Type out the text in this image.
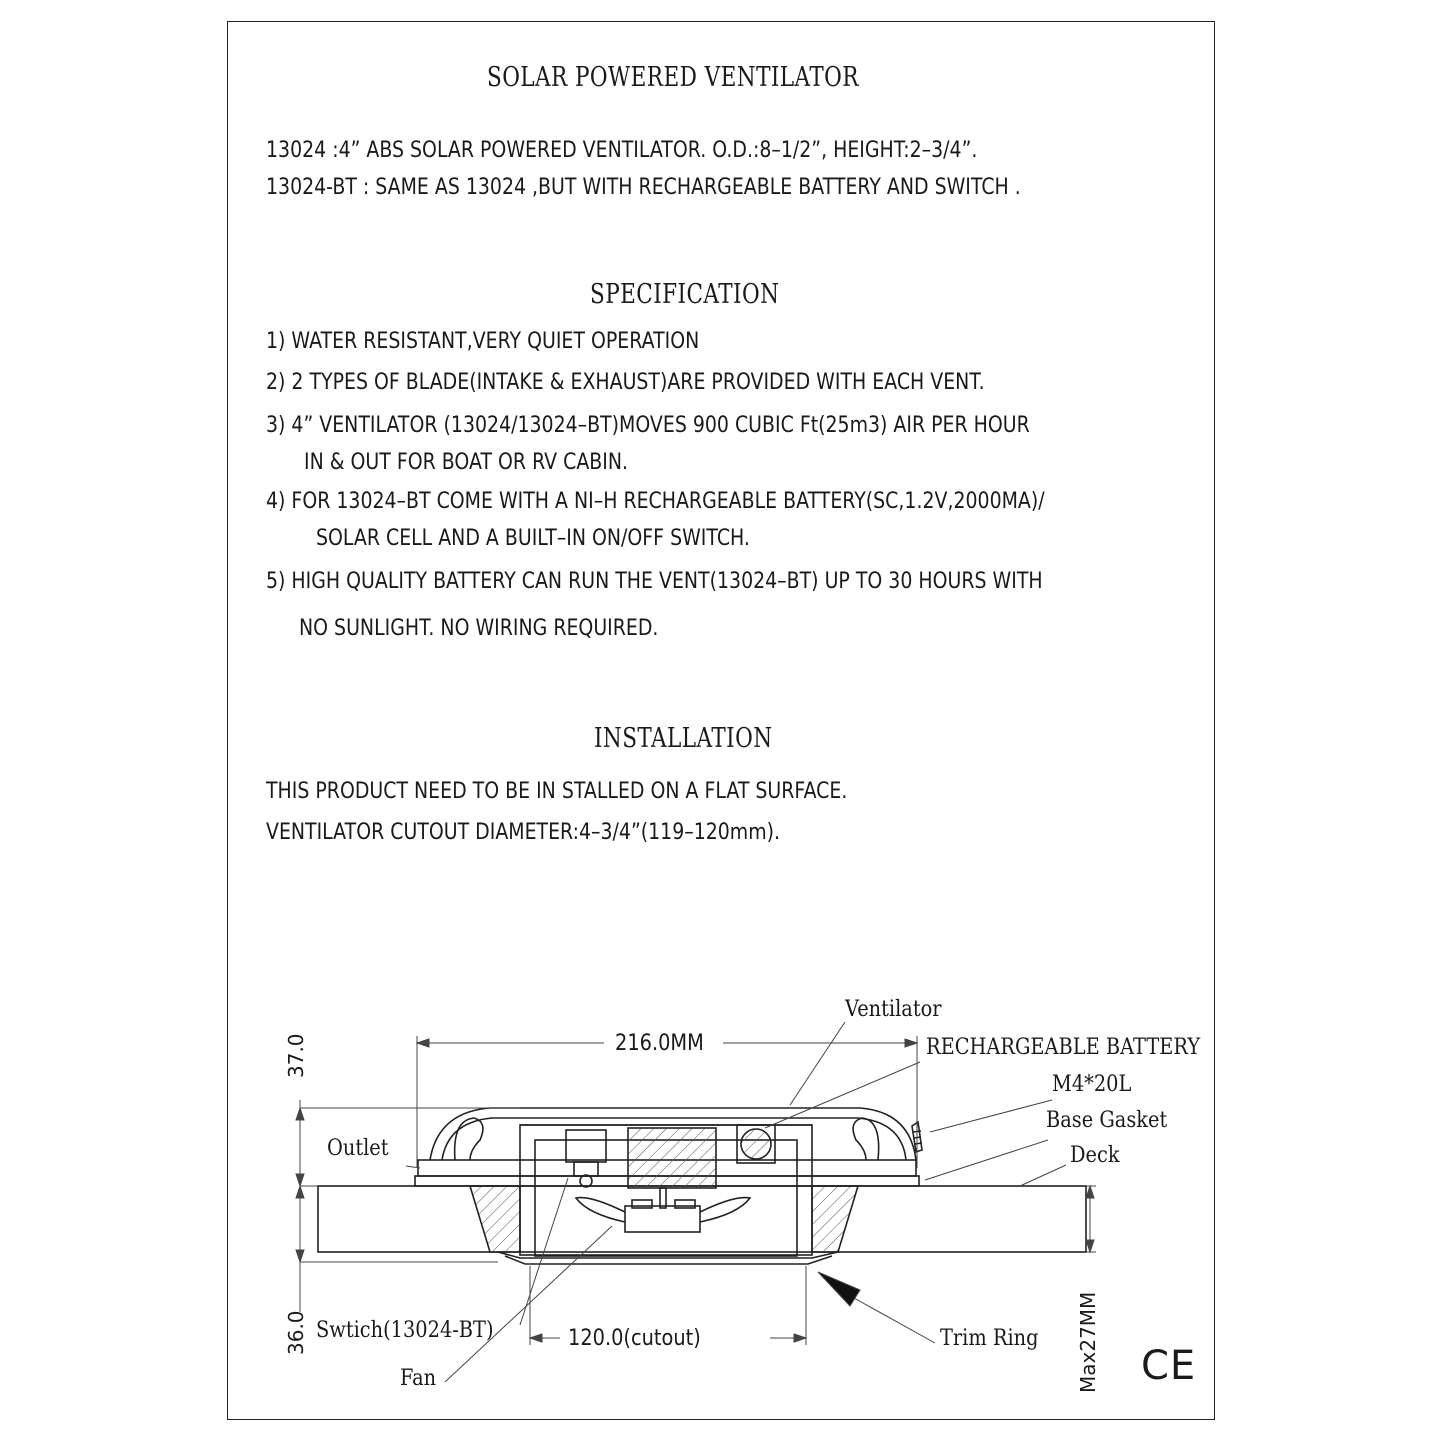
SOLAR POWERED VENTILATOR
13024 :4” ABS SOLAR POWERED VENTILATOR. O.D.:8–1/2”, HEIGHT:2–3/4”.
13024-BT : SAME AS 13024 ,BUT WITH RECHARGEABLE BATTERY AND SWITCH .
SPECIFICATION
1) WATER RESISTANT,VERY QUIET OPERATION
2) 2 TYPES OF BLADE(INTAKE & EXHAUST)ARE PROVIDED WITH EACH VENT.
3) 4” VENTILATOR (13024/13024–BT)MOVES 900 CUBIC Ft(25m3) AIR PER HOUR
IN & OUT FOR BOAT OR RV CABIN.
4) FOR 13024–BT COME WITH A NI–H RECHARGEABLE BATTERY(SC,1.2V,2000MA)/
SOLAR CELL AND A BUILT–IN ON/OFF SWITCH.
5) HIGH QUALITY BATTERY CAN RUN THE VENT(13024–BT) UP TO 30 HOURS WITH
NO SUNLIGHT. NO WIRING REQUIRED.
INSTALLATION
THIS PRODUCT NEED TO BE IN STALLED ON A FLAT SURFACE.
VENTILATOR CUTOUT DIAMETER:4–3/4”(119–120mm).
Ventilator
RECHARGEABLE BATTERY
M4*20L
Base Gasket
Deck
Outlet
Swtich(13024-BT)
Fan
Trim Ring
216.0MM
120.0(cutout)
37.0
36.0	Max27MM CE
